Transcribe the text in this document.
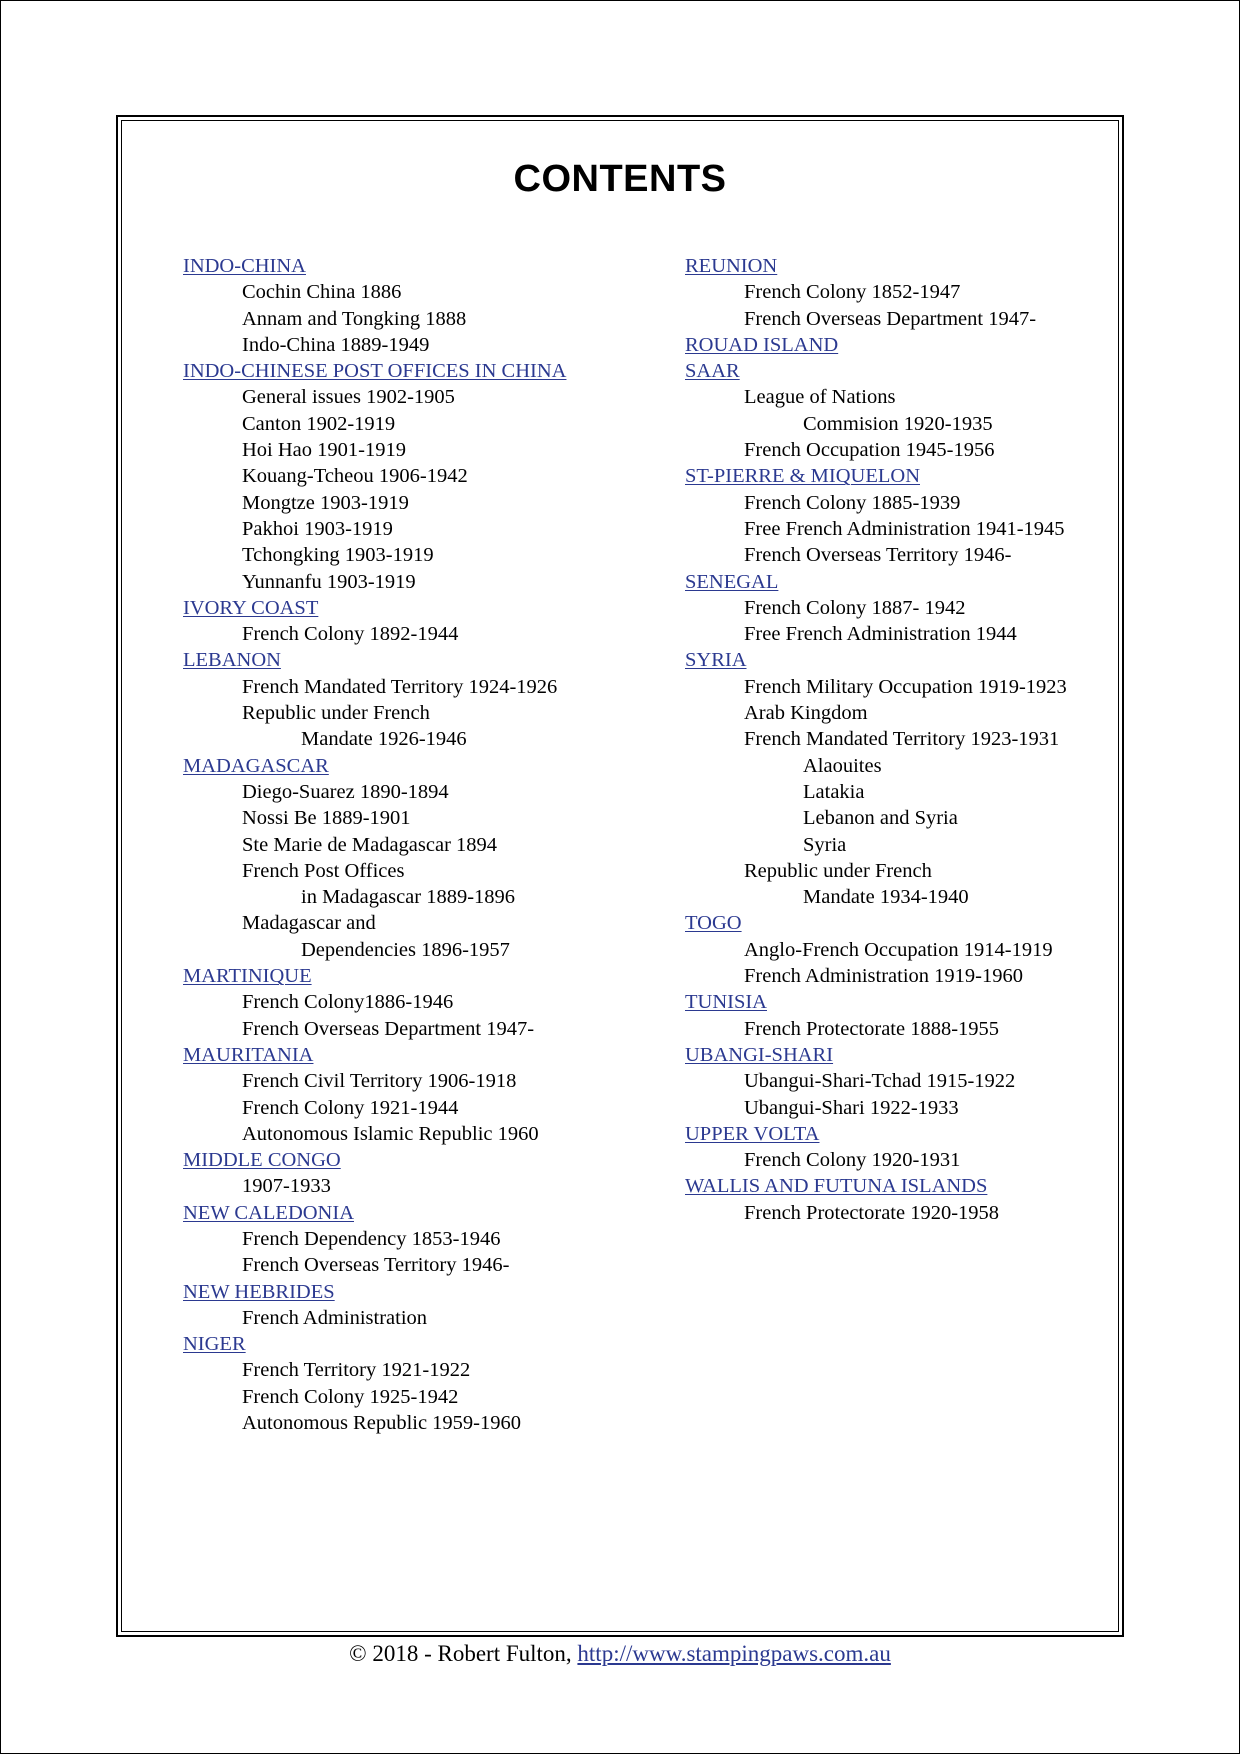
CONTENTS
INDO-CHINA
Cochin China 1886
Annam and Tongking 1888
Indo-China 1889-1949
INDO-CHINESE POST OFFICES IN CHINA
General issues 1902-1905
Canton 1902-1919
Hoi Hao 1901-1919
Kouang-Tcheou 1906-1942
Mongtze 1903-1919
Pakhoi 1903-1919
Tchongking 1903-1919
Yunnanfu 1903-1919
IVORY COAST
French Colony 1892-1944
LEBANON
French Mandated Territory 1924-1926
Republic under French
Mandate 1926-1946
MADAGASCAR
Diego-Suarez 1890-1894
Nossi Be 1889-1901
Ste Marie de Madagascar 1894
French Post Offices
in Madagascar 1889-1896
Madagascar and
Dependencies 1896-1957
MARTINIQUE
French Colony1886-1946
French Overseas Department 1947-
MAURITANIA
French Civil Territory 1906-1918
French Colony 1921-1944
Autonomous Islamic Republic 1960
MIDDLE CONGO
1907-1933
NEW CALEDONIA
French Dependency 1853-1946
French Overseas Territory 1946-
NEW HEBRIDES
French Administration
NIGER
French Territory 1921-1922
French Colony 1925-1942
Autonomous Republic 1959-1960
REUNION
French Colony 1852-1947
French Overseas Department 1947-
ROUAD ISLAND
SAAR
League of Nations
Commision 1920-1935
French Occupation 1945-1956
ST-PIERRE & MIQUELON
French Colony 1885-1939
Free French Administration 1941-1945
French Overseas Territory 1946-
SENEGAL
French Colony 1887- 1942
Free French Administration 1944
SYRIA
French Military Occupation 1919-1923
Arab Kingdom
French Mandated Territory 1923-1931
Alaouites
Latakia
Lebanon and Syria
Syria
Republic under French
Mandate 1934-1940
TOGO
Anglo-French Occupation 1914-1919
French Administration 1919-1960
TUNISIA
French Protectorate 1888-1955
UBANGI-SHARI
Ubangui-Shari-Tchad 1915-1922
Ubangui-Shari 1922-1933
UPPER VOLTA
French Colony 1920-1931
WALLIS AND FUTUNA ISLANDS
French Protectorate 1920-1958
© 2018 - Robert Fulton, http://www.stampingpaws.com.au
